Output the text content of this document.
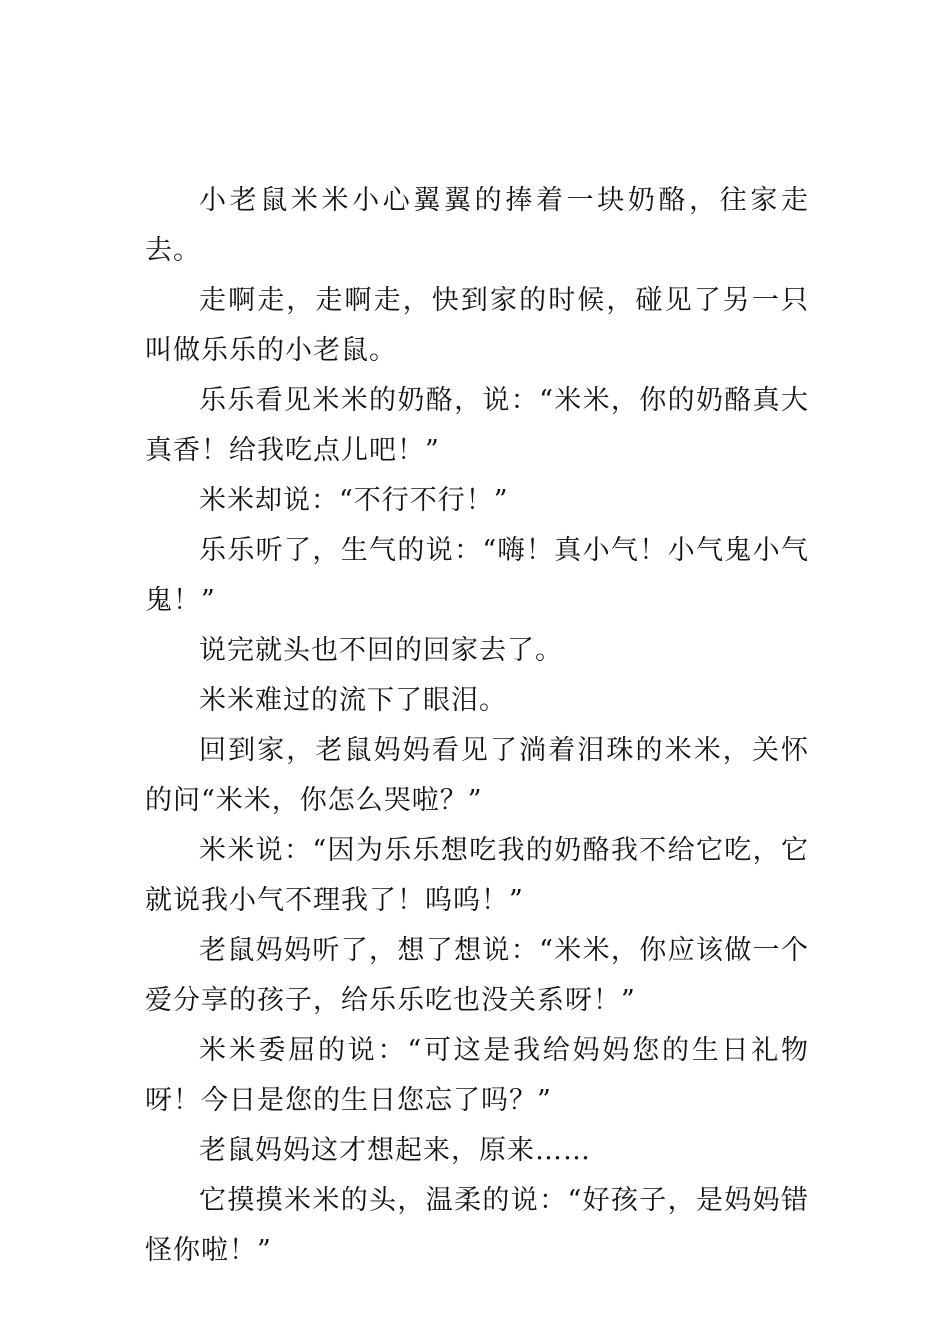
小老鼠米米小心翼翼的捧着一块奶酪，往家走去。

走啊走，走啊走，快到家的时候，碰见了另一只叫做乐乐的小老鼠。

乐乐看见米米的奶酪，说：“米米，你的奶酪真大真香！给我吃点儿吧！”

米米却说：“不行不行！”

乐乐听了，生气的说：“嗨！真小气！小气鬼小气鬼！”

说完就头也不回的回家去了。

米米难过的流下了眼泪。

回到家，老鼠妈妈看见了淌着泪珠的米米，关怀的问“米米，你怎么哭啦？”

米米说：“因为乐乐想吃我的奶酪我不给它吃，它就说我小气不理我了！呜呜！”

老鼠妈妈听了，想了想说：“米米，你应该做一个爱分享的孩子，给乐乐吃也没关系呀！”

米米委屈的说：“可这是我给妈妈您的生日礼物呀！今日是您的生日您忘了吗？”

老鼠妈妈这才想起来，原来……

它摸摸米米的头，温柔的说：“好孩子，是妈妈错怪你啦！”
